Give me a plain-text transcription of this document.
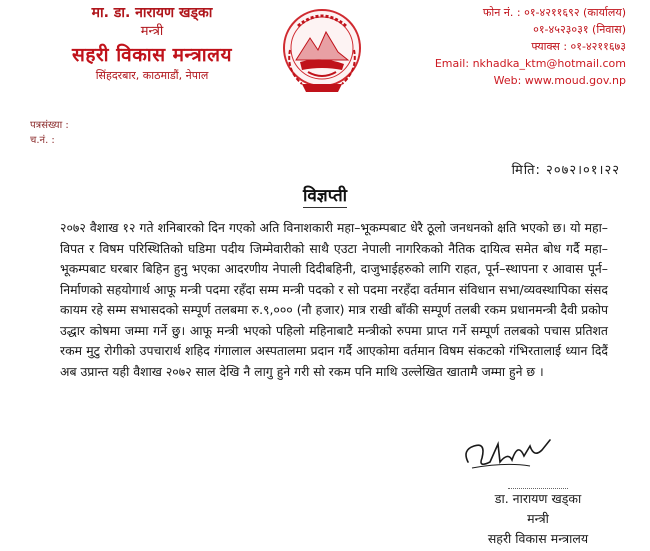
मा. डा. नारायण खड्का
मन्त्री
सहरी विकास मन्त्रालय
सिंहदरबार, काठमाडौं, नेपाल
फोन नं. : ०१-४२११६९२ (कार्यालय)
०१-४५२३०३१ (निवास)
फ्याक्स : ०१-४२११६७३
Email: nkhadka_ktm@hotmail.com
Web: www.moud.gov.np
पत्रसंख्या :
च.नं. :
मिति: २०७२।०१।२२
विज्ञप्ती
२०७२ वैशाख १२ गते शनिबारको दिन गएको अति विनाशकारी महा–भूकम्पबाट धेरै ठूलो जनधनको क्षति भएको छ। यो महा–विपत र विषम परिस्थितिको घडिमा पदीय जिम्मेवारीको साथै एउटा नेपाली नागरिकको नैतिक दायित्व समेत बोध गर्दै महा–भूकम्पबाट घरबार बिहिन हुनु भएका आदरणीय नेपाली दिदीबहिनी, दाजुभाईहरुको लागि राहत, पूर्न–स्थापना र आवास पूर्न–निर्माणको सहयोगार्थ आफू मन्त्री पदमा रहँदा सम्म मन्त्री पदको र सो पदमा नरहँदा वर्तमान संविधान सभा/व्यवस्थापिका संसद कायम रहे सम्म सभासदको सम्पूर्ण तलबमा रु.९,००० (नौ हजार) मात्र राखी बाँकी सम्पूर्ण तलबी रकम प्रधानमन्त्री दैवी प्रकोप उद्धार कोषमा जम्मा गर्ने छु। आफू मन्त्री भएको पहिलो महिनाबाटै मन्त्रीको रुपमा प्राप्त गर्ने सम्पूर्ण तलबको पचास प्रतिशत रकम मुटु रोगीको उपचारार्थ शहिद गंगालाल अस्पतालमा प्रदान गर्दै आएकोमा वर्तमान विषम संकटको गंभिरतालाई ध्यान दिदैं अब उप्रान्त यही वैशाख २०७२ साल देखि नै लागु हुने गरी सो रकम पनि माथि उल्लेखित खातामै जम्मा हुने छ ।
डा. नारायण खड्का
मन्त्री
सहरी विकास मन्त्रालय
